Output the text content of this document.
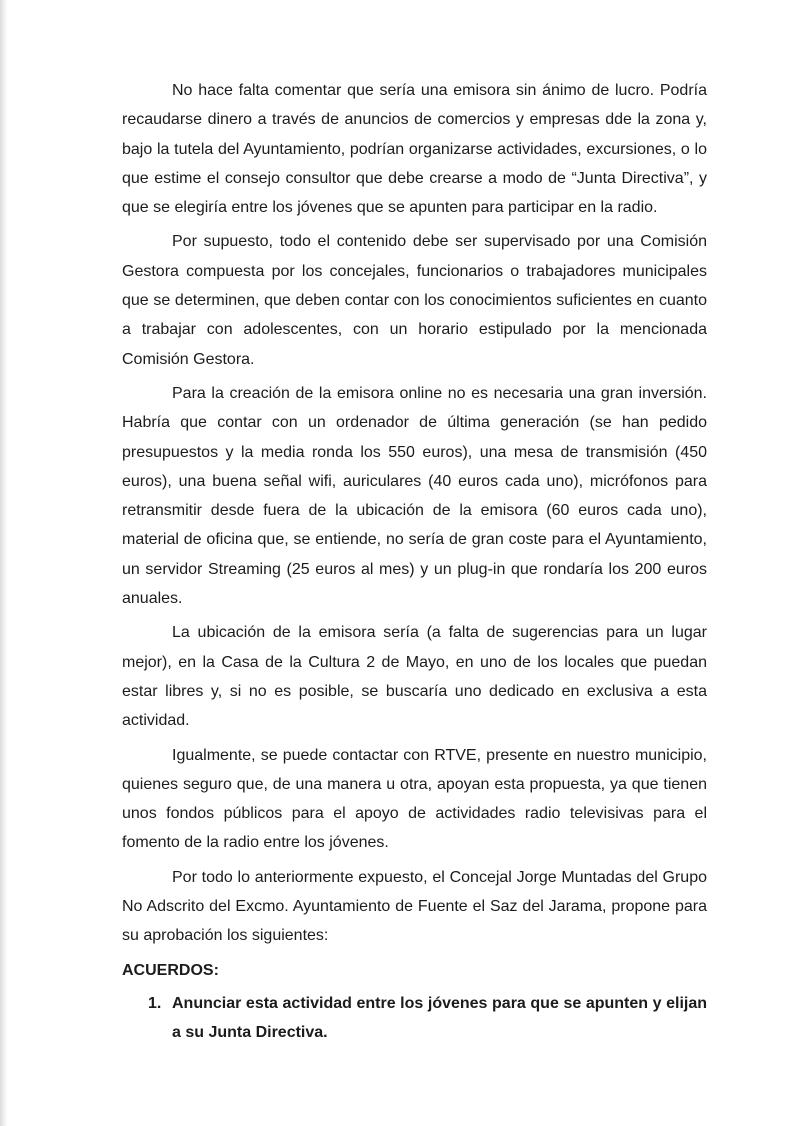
No hace falta comentar que sería una emisora sin ánimo de lucro. Podría recaudarse dinero a través de anuncios de comercios y empresas dde la zona y, bajo la tutela del Ayuntamiento, podrían organizarse actividades, excursiones, o lo que estime el consejo consultor que debe crearse a modo de “Junta Directiva”, y que se elegiría entre los jóvenes que se apunten para participar en la radio.

Por supuesto, todo el contenido debe ser supervisado por una Comisión Gestora compuesta por los concejales, funcionarios o trabajadores municipales que se determinen, que deben contar con los conocimientos suficientes en cuanto a trabajar con adolescentes, con un horario estipulado por la mencionada Comisión Gestora.

Para la creación de la emisora online no es necesaria una gran inversión. Habría que contar con un ordenador de última generación (se han pedido presupuestos y la media ronda los 550 euros), una mesa de transmisión (450 euros), una buena señal wifi, auriculares (40 euros cada uno), micrófonos para retransmitir desde fuera de la ubicación de la emisora (60 euros cada uno), material de oficina que, se entiende, no sería de gran coste para el Ayuntamiento, un servidor Streaming (25 euros al mes) y un plug-in que rondaría los 200 euros anuales.

La ubicación de la emisora sería (a falta de sugerencias para un lugar mejor), en la Casa de la Cultura 2 de Mayo, en uno de los locales que puedan estar libres y, si no es posible, se buscaría uno dedicado en exclusiva a esta actividad.

Igualmente, se puede contactar con RTVE, presente en nuestro municipio, quienes seguro que, de una manera u otra, apoyan esta propuesta, ya que tienen unos fondos públicos para el apoyo de actividades radio televisivas para el fomento de la radio entre los jóvenes.

Por todo lo anteriormente expuesto, el Concejal Jorge Muntadas del Grupo No Adscrito del Excmo. Ayuntamiento de Fuente el Saz del Jarama, propone para su aprobación los siguientes:

ACUERDOS:
1. Anunciar esta actividad entre los jóvenes para que se apunten y elijan a su Junta Directiva.
